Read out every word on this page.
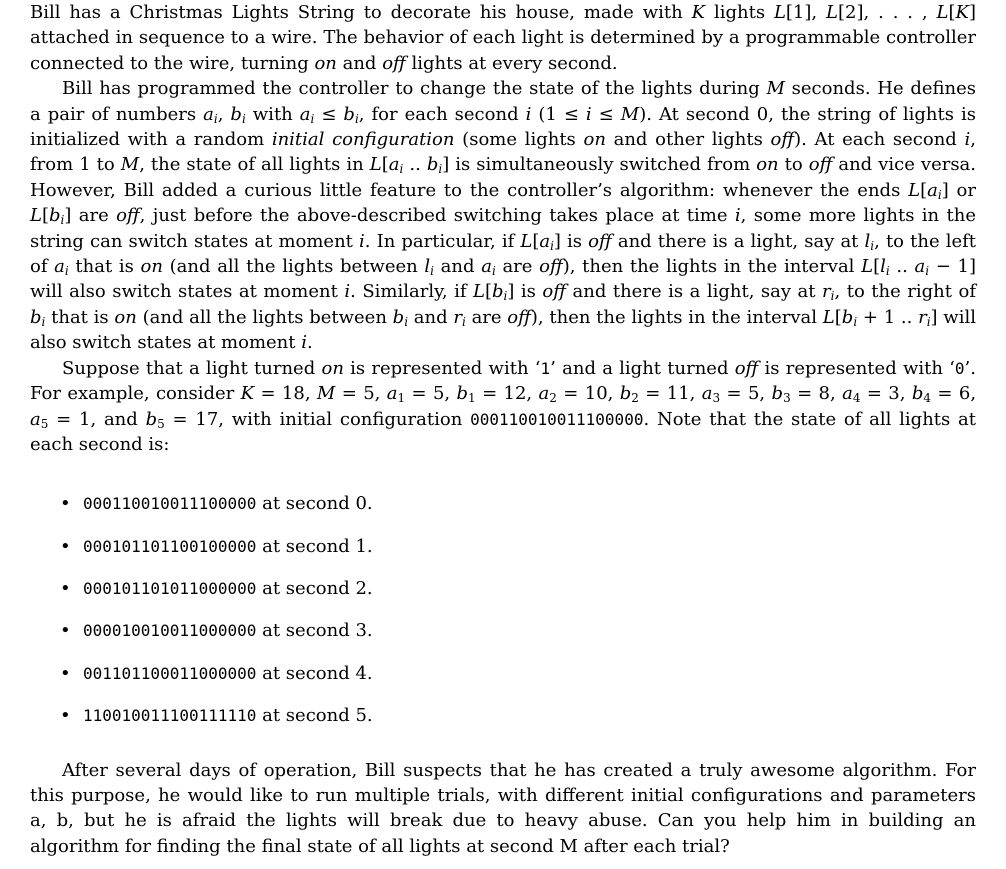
Bill has a Christmas Lights String to decorate his house, made with K lights L[1], L[2], . . . , L[K] attached in sequence to a wire. The behavior of each light is determined by a programmable controller connected to the wire, turning on and off lights at every second.

Bill has programmed the controller to change the state of the lights during M seconds. He defines a pair of numbers $a_i$, $b_i$ with $a_i \le b_i$, for each second i (1 ≤ i ≤ M). At second 0, the string of lights is initialized with a random initial configuration (some lights on and other lights off). At each second i, from 1 to M, the state of all lights in $L[a_i$ .. $b_i$] is simultaneously switched from on to off and vice versa. However, Bill added a curious little feature to the controller’s algorithm: whenever the ends $L[a_i]$ or $L[b_i]$ are off, just before the above-described switching takes place at time i, some more lights in the string can switch states at moment i. In particular, if $L[a_i]$ is off and there is a light, say at $l_i$, to the left of $a_i$ that is on (and all the lights between $l_i$ and $a_i$ are off), then the lights in the interval $L[l_i$ .. $a_i - 1$] will also switch states at moment i. Similarly, if $L[b_i]$ is off and there is a light, say at $r_i$, to the right of $b_i$ that is on (and all the lights between $b_i$ and $r_i$ are off), then the lights in the interval $L[b_i + 1$ .. $r_i$] will also switch states at moment i.

Suppose that a light turned on is represented with ‘1’ and a light turned off is represented with ‘0’. For example, consider K = 18, M = 5, $a_1 = 5$, $b_1 = 12$, $a_2 = 10$, $b_2 = 11$, $a_3 = 5$, $b_3 = 8$, $a_4 = 3$, $b_4 = 6$, $a_5 = 1$, and $b_5 = 17$, with initial configuration 000110010011100000. Note that the state of all lights at each second is:

• 000110010011100000 at second 0.
• 000101101100100000 at second 1.
• 000101101011000000 at second 2.
• 000010010011000000 at second 3.
• 001101100011000000 at second 4.
• 110010011100111110 at second 5.

After several days of operation, Bill suspects that he has created a truly awesome algorithm. For this purpose, he would like to run multiple trials, with different initial configurations and parameters a, b, but he is afraid the lights will break due to heavy abuse. Can you help him in building an algorithm for finding the final state of all lights at second M after each trial?
